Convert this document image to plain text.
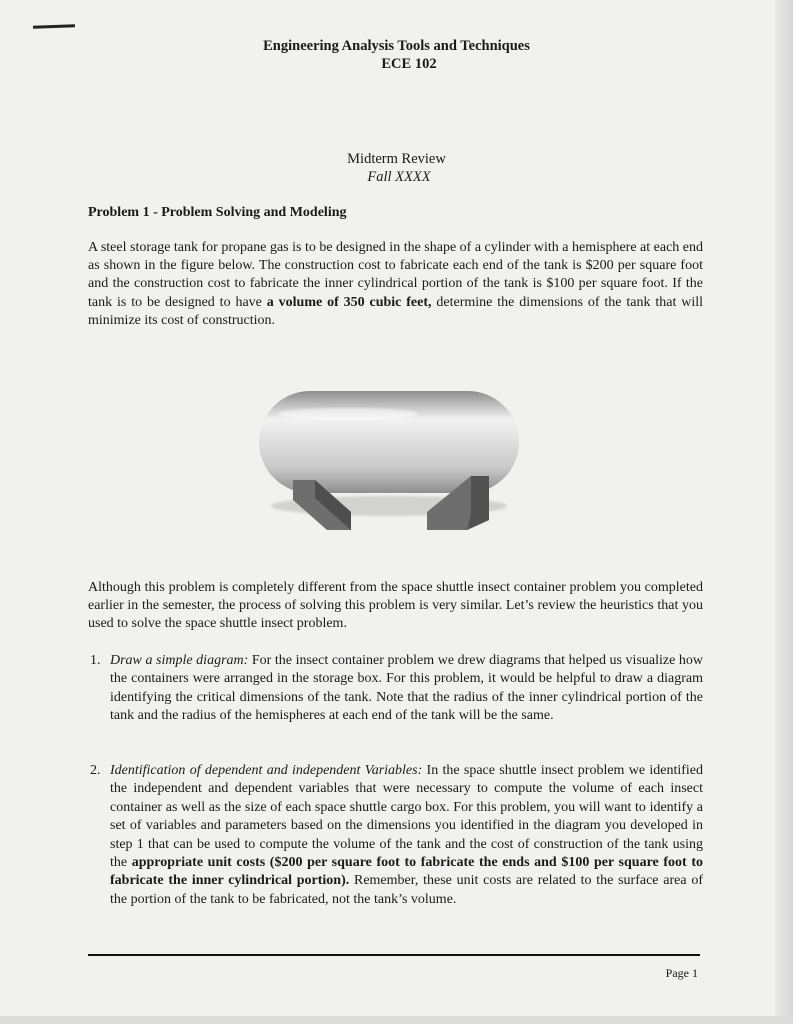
Engineering Analysis Tools and Techniques
ECE 102
Midterm Review
Fall XXXX
Problem 1 - Problem Solving and Modeling
A steel storage tank for propane gas is to be designed in the shape of a cylinder with a hemisphere at each end as shown in the figure below. The construction cost to fabricate each end of the tank is $200 per square foot and the construction cost to fabricate the inner cylindrical portion of the tank is $100 per square foot. If the tank is to be designed to have a volume of 350 cubic feet, determine the dimensions of the tank that will minimize its cost of construction.
Although this problem is completely different from the space shuttle insect container problem you completed earlier in the semester, the process of solving this problem is very similar. Let’s review the heuristics that you used to solve the space shuttle insect problem.
1. Draw a simple diagram: For the insect container problem we drew diagrams that helped us visualize how the containers were arranged in the storage box. For this problem, it would be helpful to draw a diagram identifying the critical dimensions of the tank. Note that the radius of the inner cylindrical portion of the tank and the radius of the hemispheres at each end of the tank will be the same.
2. Identification of dependent and independent Variables: In the space shuttle insect problem we identified the independent and dependent variables that were necessary to compute the volume of each insect container as well as the size of each space shuttle cargo box. For this problem, you will want to identify a set of variables and parameters based on the dimensions you identified in the diagram you developed in step 1 that can be used to compute the volume of the tank and the cost of construction of the tank using the appropriate unit costs ($200 per square foot to fabricate the ends and $100 per square foot to fabricate the inner cylindrical portion). Remember, these unit costs are related to the surface area of the portion of the tank to be fabricated, not the tank’s volume.
Page 1
